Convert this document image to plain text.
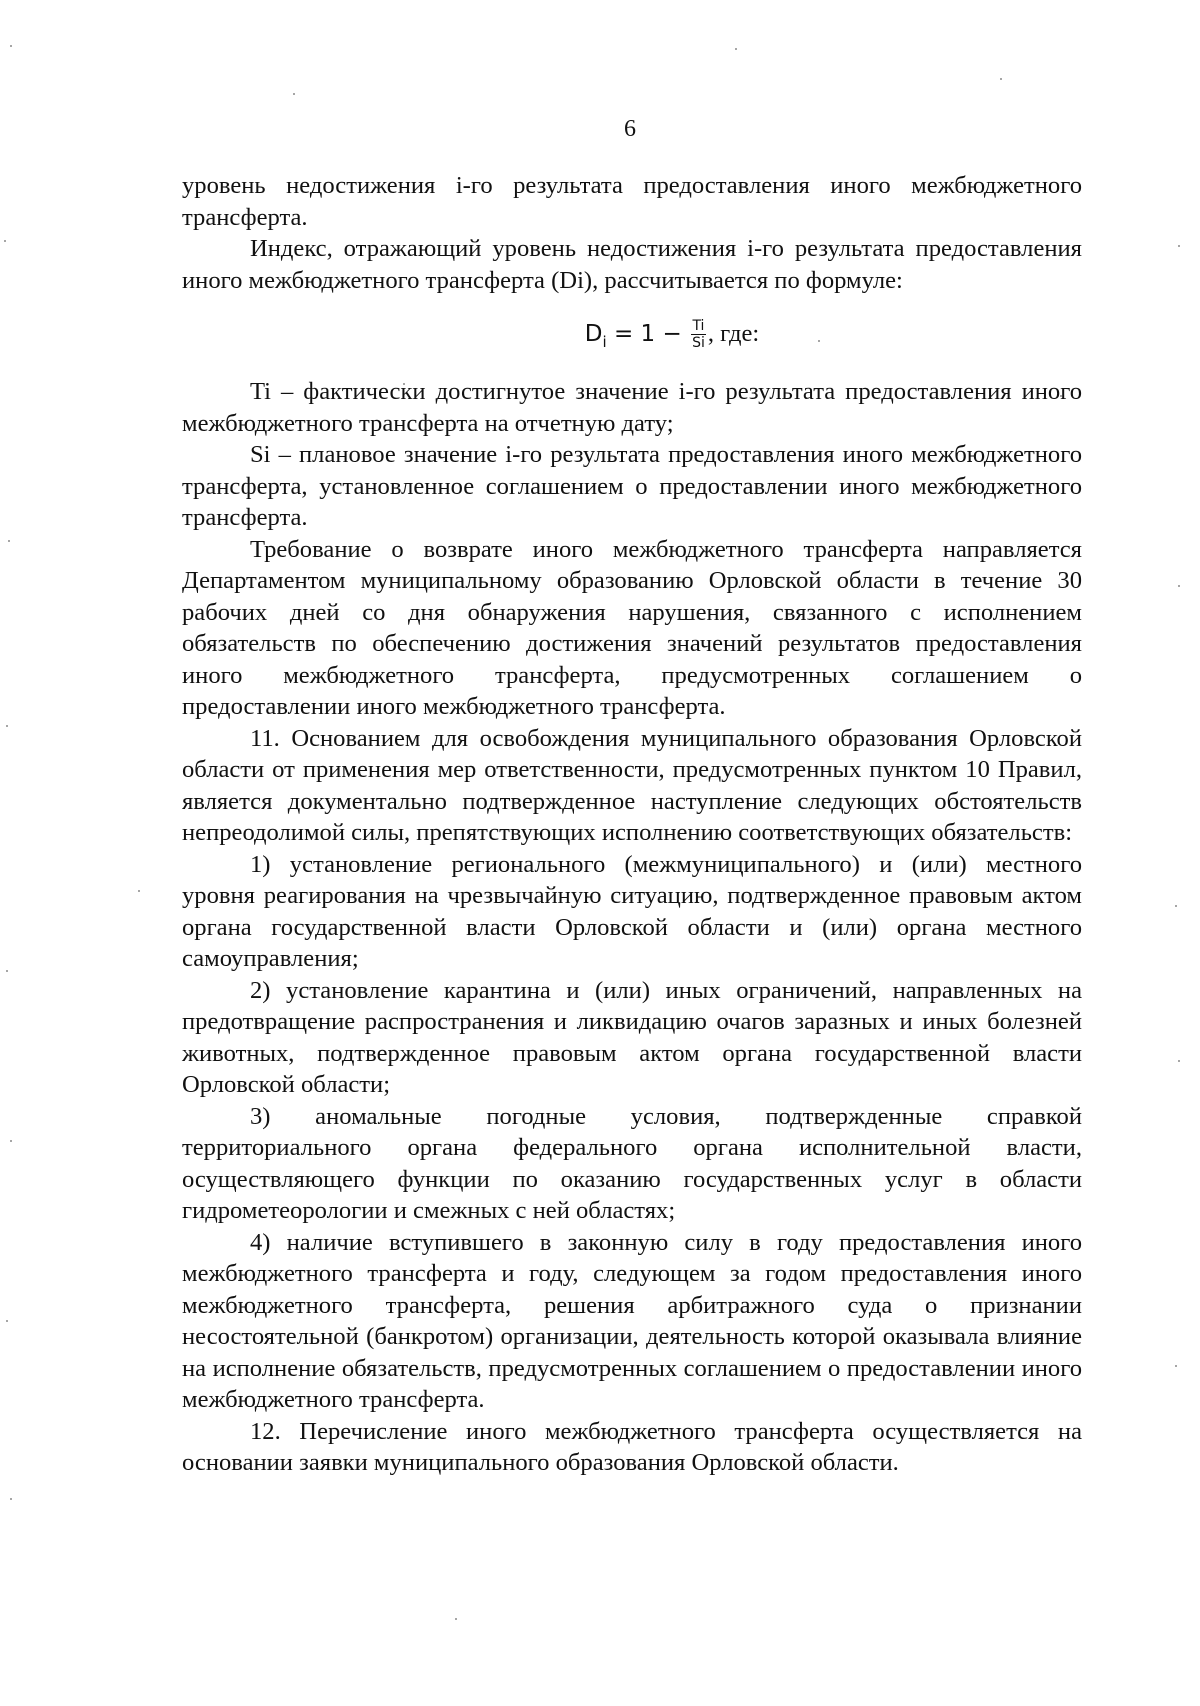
6

уровень недостижения i-го результата предоставления иного межбюджетного трансферта.

Индекс, отражающий уровень недостижения i-го результата предоставления иного межбюджетного трансферта (Di), рассчитывается по формуле:

$D_i = 1 - \frac{Ti}{Si}$ , где:

Ti – фактически достигнутое значение i-го результата предоставления иного межбюджетного трансферта на отчетную дату;

Si – плановое значение i-го результата предоставления иного межбюджетного трансферта, установленное соглашением о предоставлении иного межбюджетного трансферта.

Требование о возврате иного межбюджетного трансферта направляется Департаментом муниципальному образованию Орловской области в течение 30 рабочих дней со дня обнаружения нарушения, связанного с исполнением обязательств по обеспечению достижения значений результатов предоставления иного межбюджетного трансферта, предусмотренных соглашением о предоставлении иного межбюджетного трансферта.

11. Основанием для освобождения муниципального образования Орловской области от применения мер ответственности, предусмотренных пунктом 10 Правил, является документально подтвержденное наступление следующих обстоятельств непреодолимой силы, препятствующих исполнению соответствующих обязательств:

1) установление регионального (межмуниципального) и (или) местного уровня реагирования на чрезвычайную ситуацию, подтвержденное правовым актом органа государственной власти Орловской области и (или) органа местного самоуправления;

2) установление карантина и (или) иных ограничений, направленных на предотвращение распространения и ликвидацию очагов заразных и иных болезней животных, подтвержденное правовым актом органа государственной власти Орловской области;

3) аномальные погодные условия, подтвержденные справкой территориального органа федерального органа исполнительной власти, осуществляющего функции по оказанию государственных услуг в области гидрометеорологии и смежных с ней областях;

4) наличие вступившего в законную силу в году предоставления иного межбюджетного трансферта и году, следующем за годом предоставления иного межбюджетного трансферта, решения арбитражного суда о признании несостоятельной (банкротом) организации, деятельность которой оказывала влияние на исполнение обязательств, предусмотренных соглашением о предоставлении иного межбюджетного трансферта.

12. Перечисление иного межбюджетного трансферта осуществляется на основании заявки муниципального образования Орловской области.
